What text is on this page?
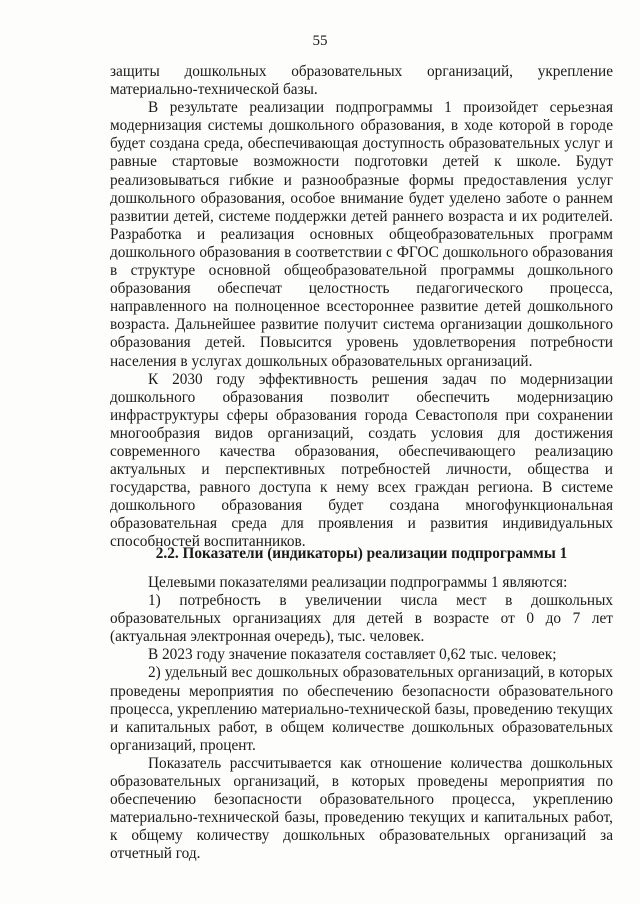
55

защиты дошкольных образовательных организаций, укрепление материально-технической базы.

В результате реализации подпрограммы 1 произойдет серьезная модернизация системы дошкольного образования, в ходе которой в городе будет создана среда, обеспечивающая доступность образовательных услуг и равные стартовые возможности подготовки детей к школе. Будут реализовываться гибкие и разнообразные формы предоставления услуг дошкольного образования, особое внимание будет уделено заботе о раннем развитии детей, системе поддержки детей раннего возраста и их родителей. Разработка и реализация основных общеобразовательных программ дошкольного образования в соответствии с ФГОС дошкольного образования в структуре основной общеобразовательной программы дошкольного образования обеспечат целостность педагогического процесса, направленного на полноценное всестороннее развитие детей дошкольного возраста. Дальнейшее развитие получит система организации дошкольного образования детей. Повысится уровень удовлетворения потребности населения в услугах дошкольных образовательных организаций.

К 2030 году эффективность решения задач по модернизации дошкольного образования позволит обеспечить модернизацию инфраструктуры сферы образования города Севастополя при сохранении многообразия видов организаций, создать условия для достижения современного качества образования, обеспечивающего реализацию актуальных и перспективных потребностей личности, общества и государства, равного доступа к нему всех граждан региона. В системе дошкольного образования будет создана многофункциональная образовательная среда для проявления и развития индивидуальных способностей воспитанников.

2.2. Показатели (индикаторы) реализации подпрограммы 1

Целевыми показателями реализации подпрограммы 1 являются:

1) потребность в увеличении числа мест в дошкольных образовательных организациях для детей в возрасте от 0 до 7 лет (актуальная электронная очередь), тыс. человек.

В 2023 году значение показателя составляет 0,62 тыс. человек;

2) удельный вес дошкольных образовательных организаций, в которых проведены мероприятия по обеспечению безопасности образовательного процесса, укреплению материально-технической базы, проведению текущих и капитальных работ, в общем количестве дошкольных образовательных организаций, процент.

Показатель рассчитывается как отношение количества дошкольных образовательных организаций, в которых проведены мероприятия по обеспечению безопасности образовательного процесса, укреплению материально-технической базы, проведению текущих и капитальных работ, к общему количеству дошкольных образовательных организаций за отчетный год.
